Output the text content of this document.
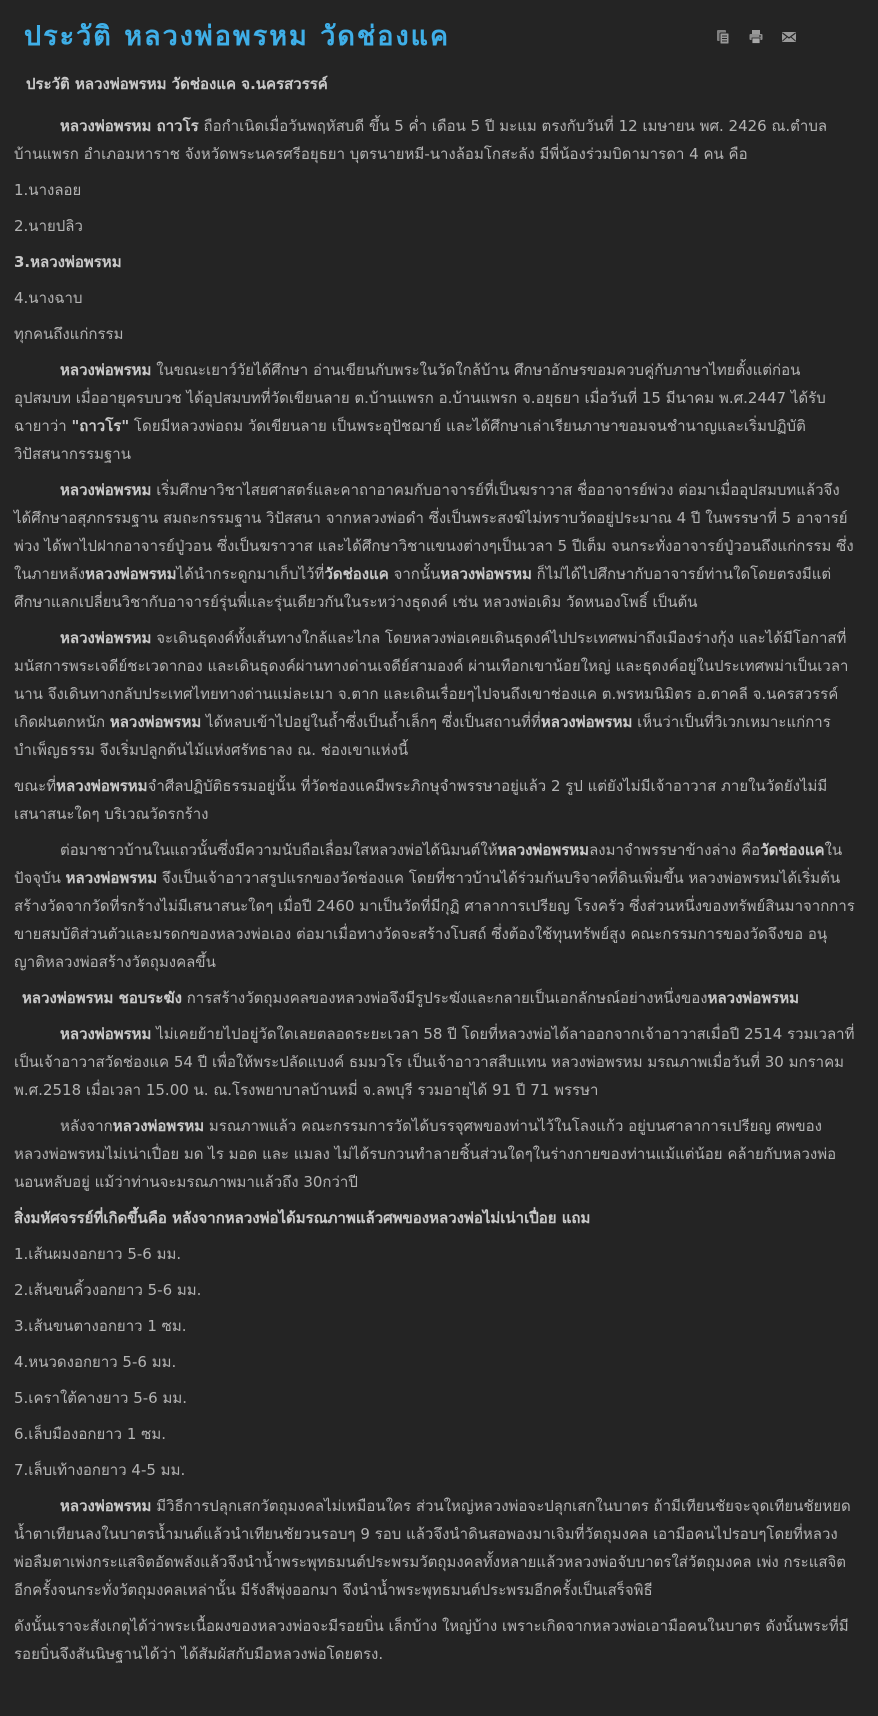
ประวัติ หลวงพ่อพรหม วัดช่องแค

ประวัติ หลวงพ่อพรหม วัดช่องแค จ.นครสวรรค์

หลวงพ่อพรหม ถาวโร ถือกำเนิดเมื่อวันพฤหัสบดี ขึ้น 5 ค่ำ เดือน 5 ปี มะแม ตรงกับวันที่ 12 เมษายน พศ. 2426 ณ.ตำบลบ้านแพรก อำเภอมหาราช จังหวัดพระนครศรีอยุธยา บุตรนายหมี-นางล้อมโกสะลัง มีพี่น้องร่วมบิดามารดา 4 คน คือ

1.นางลอย

2.นายปลิว

3.หลวงพ่อพรหม

4.นางฉาบ

ทุกคนถึงแก่กรรม

หลวงพ่อพรหม ในขณะเยาว์วัยได้ศึกษา อ่านเขียนกับพระในวัดใกล้บ้าน ศึกษาอักษรขอมควบคู่กับภาษาไทยตั้งแต่ก่อนอุปสมบท เมื่ออายุครบบวช ได้อุปสมบทที่วัดเขียนลาย ต.บ้านแพรก อ.บ้านแพรก จ.อยุธยา เมื่อวันที่ 15 มีนาคม พ.ศ.2447 ได้รับฉายาว่า "ถาวโร" โดยมีหลวงพ่อถม วัดเขียนลาย เป็นพระอุปัชฌาย์ และได้ศึกษาเล่าเรียนภาษาขอมจนชำนาญและเริ่มปฏิบัติวิปัสสนากรรมฐาน

หลวงพ่อพรหม เริ่มศึกษาวิชาไสยศาสตร์และคาถาอาคมกับอาจารย์ที่เป็นฆราวาส ชื่ออาจารย์พ่วง ต่อมาเมื่ออุปสมบทแล้วจึงได้ศึกษาอสุภกรรมฐาน สมถะกรรมฐาน วิปัสสนา จากหลวงพ่อดำ ซึ่งเป็นพระสงฆ์ไม่ทราบวัดอยู่ประมาณ 4 ปี ในพรรษาที่ 5 อาจารย์พ่วง ได้พาไปฝากอาจารย์ปู่วอน ซึ่งเป็นฆราวาส และได้ศึกษาวิชาแขนงต่างๆเป็นเวลา 5 ปีเต็ม จนกระทั่งอาจารย์ปู่วอนถึงแก่กรรม ซึ่งในภายหลังหลวงพ่อพรหมได้นำกระดูกมาเก็บไว้ที่วัดช่องแค จากนั้นหลวงพ่อพรหม ก็ไม่ได้ไปศึกษากับอาจารย์ท่านใดโดยตรงมีแต่ศึกษาแลกเปลี่ยนวิชากับอาจารย์รุ่นพี่และรุ่นเดียวกันในระหว่างธุดงค์ เช่น หลวงพ่อเดิม วัดหนองโพธิ์ เป็นต้น

หลวงพ่อพรหม จะเดินธุดงค์ทั้งเส้นทางใกล้และไกล โดยหลวงพ่อเคยเดินธุดงค์ไปประเทศพม่าถึงเมืองร่างกุ้ง และได้มีโอกาสที่มนัสการพระเจดีย์ชะเวดากอง และเดินธุดงค์ผ่านทางด่านเจดีย์สามองค์ ผ่านเทือกเขาน้อยใหญ่ และธุดงค์อยู่ในประเทศพม่าเป็นเวลานาน จึงเดินทางกลับประเทศไทยทางด่านแม่ละเมา จ.ตาก และเดินเรื่อยๆไปจนถึงเขาช่องแค ต.พรหมนิมิตร อ.ตาคลี จ.นครสวรรค์ เกิดฝนตกหนัก หลวงพ่อพรหม ได้หลบเข้าไปอยู่ในถ้ำซึ่งเป็นถ้ำเล็กๆ ซึ่งเป็นสถานที่ที่หลวงพ่อพรหม เห็นว่าเป็นที่วิเวกเหมาะแก่การบำเพ็ญธรรม จึงเริ่มปลูกต้นไม้แห่งศรัทธาลง ณ. ช่องเขาแห่งนี้

ขณะที่หลวงพ่อพรหมจำศีลปฏิบัติธรรมอยู่นั้น ที่วัดช่องแคมีพระภิกษุจำพรรษาอยู่แล้ว 2 รูป แต่ยังไม่มีเจ้าอาวาส ภายในวัดยังไม่มีเสนาสนะใดๆ บริเวณวัดรกร้าง

ต่อมาชาวบ้านในแถวนั้นซึ่งมีความนับถือเลื่อมใสหลวงพ่อได้นิมนต์ให้หลวงพ่อพรหมลงมาจำพรรษาข้างล่าง คือวัดช่องแคในปัจจุบัน หลวงพ่อพรหม จึงเป็นเจ้าอาวาสรูปแรกของวัดช่องแค โดยที่ชาวบ้านได้ร่วมกันบริจาคที่ดินเพิ่มขึ้น หลวงพ่อพรหมได้เริ่มต้นสร้างวัดจากวัดที่รกร้างไม่มีเสนาสนะใดๆ เมื่อปี 2460 มาเป็นวัดที่มีกุฏิ ศาลาการเปรียญ โรงครัว ซึ่งส่วนหนึ่งของทรัพย์สินมาจากการขายสมบัติส่วนตัวและมรดกของหลวงพ่อเอง ต่อมาเมื่อทางวัดจะสร้างโบสถ์ ซึ่งต้องใช้ทุนทรัพย์สูง คณะกรรมการของวัดจึงขอ อนุญาติหลวงพ่อสร้างวัตถุมงคลขึ้น

หลวงพ่อพรหม ชอบระฆัง การสร้างวัตถุมงคลของหลวงพ่อจึงมีรูประฆังและกลายเป็นเอกลักษณ์อย่างหนึ่งของหลวงพ่อพรหม

หลวงพ่อพรหม ไม่เคยย้ายไปอยู่วัดใดเลยตลอดระยะเวลา 58 ปี โดยที่หลวงพ่อได้ลาออกจากเจ้าอาวาสเมื่อปี 2514 รวมเวลาที่เป็นเจ้าอาวาสวัดช่องแค 54 ปี เพื่อให้พระปลัดแบงค์ ธมมวโร เป็นเจ้าอาวาสสืบแทน หลวงพ่อพรหม มรณภาพเมื่อวันที่ 30 มกราคม พ.ศ.2518 เมื่อเวลา 15.00 น. ณ.โรงพยาบาลบ้านหมี่ จ.ลพบุรี รวมอายุได้ 91 ปี 71 พรรษา

หลังจากหลวงพ่อพรหม มรณภาพแล้ว คณะกรรมการวัดได้บรรจุศพของท่านไว้ในโลงแก้ว อยู่บนศาลาการเปรียญ ศพของหลวงพ่อพรหมไม่เน่าเปื่อย มด ไร มอด และ แมลง ไม่ได้รบกวนทำลายชิ้นส่วนใดๆในร่างกายของท่านแม้แต่น้อย คล้ายกับหลวงพ่อนอนหลับอยู่ แม้ว่าท่านจะมรณภาพมาแล้วถึง 30กว่าปี

สิ่งมหัศจรรย์ที่เกิดขึ้นคือ หลังจากหลวงพ่อได้มรณภาพแล้วศพของหลวงพ่อไม่เน่าเปื่อย แถม

1.เส้นผมงอกยาว 5-6 มม.

2.เส้นขนคิ้วงอกยาว 5-6 มม.

3.เส้นขนตางอกยาว 1 ซม.

4.หนวดงอกยาว 5-6 มม.

5.เคราใต้คางยาว 5-6 มม.

6.เล็บมืองอกยาว 1 ซม.

7.เล็บเท้างอกยาว 4-5 มม.

หลวงพ่อพรหม มีวิธีการปลุกเสกวัตถุมงคลไม่เหมือนใคร ส่วนใหญ่หลวงพ่อจะปลุกเสกในบาตร ถ้ามีเทียนชัยจะจุดเทียนชัยหยดน้ำตาเทียนลงในบาตรน้ำมนต์แล้วนำเทียนชัยวนรอบๆ 9 รอบ แล้วจึงนำดินสอพองมาเจิมที่วัตถุมงคล เอามือคนไปรอบๆโดยที่หลวงพ่อลืมตาเพ่งกระแสจิตอัดพลังแล้วจึงนำน้ำพระพุทธมนต์ประพรมวัตถุมงคลทั้งหลายแล้วหลวงพ่อจับบาตรใส่วัตถุมงคล เพ่ง กระแสจิตอีกครั้งจนกระทั่งวัตถุมงคลเหล่านั้น มีรังสีพุ่งออกมา จึงนำน้ำพระพุทธมนต์ประพรมอีกครั้งเป็นเสร็จพิธี

ดังนั้นเราจะสังเกตุได้ว่าพระเนื้อผงของหลวงพ่อจะมีรอยบิ่น เล็กบ้าง ใหญ่บ้าง เพราะเกิดจากหลวงพ่อเอามือคนในบาตร ดังนั้นพระที่มีรอยบิ่นจึงสันนิษฐานได้ว่า ได้สัมผัสกับมือหลวงพ่อโดยตรง.
